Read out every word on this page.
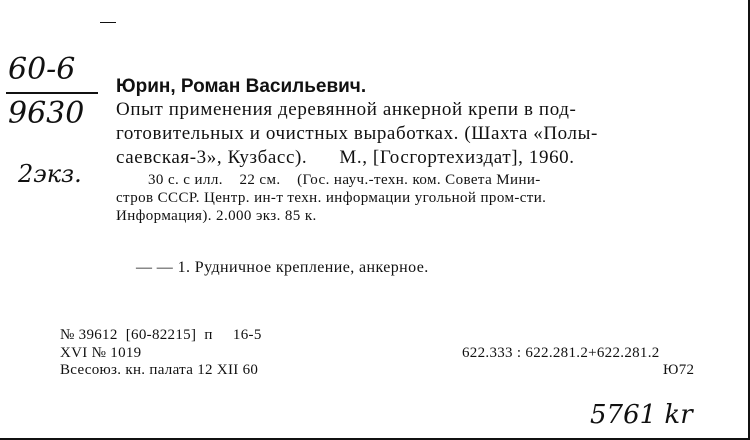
60-6
9630
2экз.
5761 kr
Юрин, Роман Васильевич.
Опыт применения деревянной анкерной крепи в под-
готовительных и очистных выработках. (Шахта «Полы-
саевская-3», Кузбасс).      М., [Госгортехиздат], 1960.
30 с. с илл.    22 см.    (Гос. науч.-техн. ком. Совета Мини-
стров СССР. Центр. ин-т техн. информации угольной пром-сти.
Информация). 2.000 экз. 85 к.
— — 1. Рудничное крепление, анкерное.
№ 39612  [60-82215]  п     16-5
XVI № 1019
Всесоюз. кн. палата 12 XII 60
622.333 : 622.281.2+622.281.2
Ю72
